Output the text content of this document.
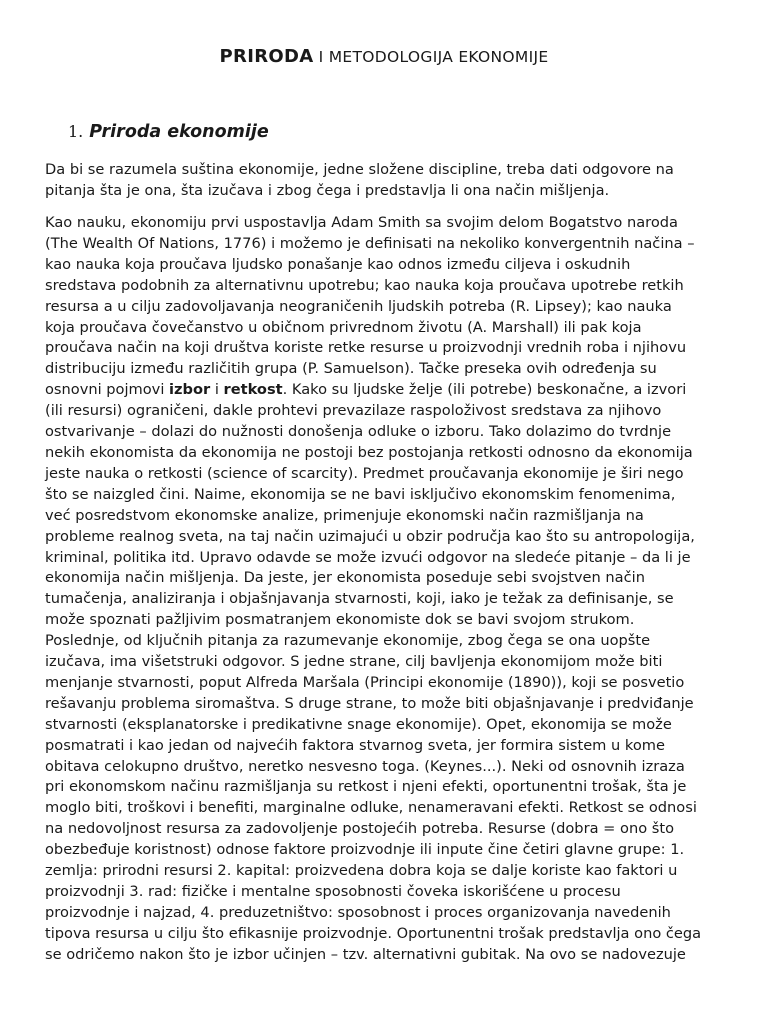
PRIRODA I METODOLOGIJA EKONOMIJE
1. Priroda ekonomije
Da bi se razumela suština ekonomije, jedne složene discipline, treba dati odgovore na
pitanja šta je ona, šta izučava i zbog čega i predstavlja li ona način mišljenja.
Kao nauku, ekonomiju prvi uspostavlja Adam Smith sa svojim delom Bogatstvo naroda
(The Wealth Of Nations, 1776) i možemo je definisati na nekoliko konvergentnih načina –
kao nauka koja proučava ljudsko ponašanje kao odnos između ciljeva i oskudnih
sredstava podobnih za alternativnu upotrebu; kao nauka koja proučava upotrebe retkih
resursa a u cilju zadovoljavanja neograničenih ljudskih potreba (R. Lipsey); kao nauka
koja proučava čovečanstvo u običnom privrednom životu (A. Marshall) ili pak koja
proučava način na koji društva koriste retke resurse u proizvodnji vrednih roba i njihovu
distribuciju između različitih grupa (P. Samuelson). Tačke preseka ovih određenja su
osnovni pojmovi izbor i retkost. Kako su ljudske želje (ili potrebe) beskonačne, a izvori
(ili resursi) ograničeni, dakle prohtevi prevazilaze raspoloživost sredstava za njihovo
ostvarivanje – dolazi do nužnosti donošenja odluke o izboru. Tako dolazimo do tvrdnje
nekih ekonomista da ekonomija ne postoji bez postojanja retkosti odnosno da ekonomija
jeste nauka o retkosti (science of scarcity). Predmet proučavanja ekonomije je širi nego
što se naizgled čini. Naime, ekonomija se ne bavi isključivo ekonomskim fenomenima,
već posredstvom ekonomske analize, primenjuje ekonomski način razmišljanja na
probleme realnog sveta, na taj način uzimajući u obzir područja kao što su antropologija,
kriminal, politika itd. Upravo odavde se može izvući odgovor na sledeće pitanje – da li je
ekonomija način mišljenja. Da jeste, jer ekonomista poseduje sebi svojstven način
tumačenja, analiziranja i objašnjavanja stvarnosti, koji, iako je težak za definisanje, se
može spoznati pažljivim posmatranjem ekonomiste dok se bavi svojom strukom.
Poslednje, od ključnih pitanja za razumevanje ekonomije, zbog čega se ona uopšte
izučava, ima višetstruki odgovor. S jedne strane, cilj bavljenja ekonomijom može biti
menjanje stvarnosti, poput Alfreda Maršala (Principi ekonomije (1890)), koji se posvetio
rešavanju problema siromaštva. S druge strane, to može biti objašnjavanje i predviđanje
stvarnosti (eksplanatorske i predikativne snage ekonomije). Opet, ekonomija se može
posmatrati i kao jedan od najvećih faktora stvarnog sveta, jer formira sistem u kome
obitava celokupno društvo, neretko nesvesno toga. (Keynes...). Neki od osnovnih izraza
pri ekonomskom načinu razmišljanja su retkost i njeni efekti, oportunentni trošak, šta je
moglo biti, troškovi i benefiti, marginalne odluke, nenameravani efekti. Retkost se odnosi
na nedovoljnost resursa za zadovoljenje postojećih potreba. Resurse (dobra = ono što
obezbeđuje koristnost) odnose faktore proizvodnje ili inpute čine četiri glavne grupe: 1.
zemlja: prirodni resursi 2. kapital: proizvedena dobra koja se dalje koriste kao faktori u
proizvodnji 3. rad: fizičke i mentalne sposobnosti čoveka iskorišćene u procesu
proizvodnje i najzad, 4. preduzetništvo: sposobnost i proces organizovanja navedenih
tipova resursa u cilju što efikasnije proizvodnje. Oportunentni trošak predstavlja ono čega
se odričemo nakon što je izbor učinjen – tzv. alternativni gubitak. Na ovo se nadovezuje
